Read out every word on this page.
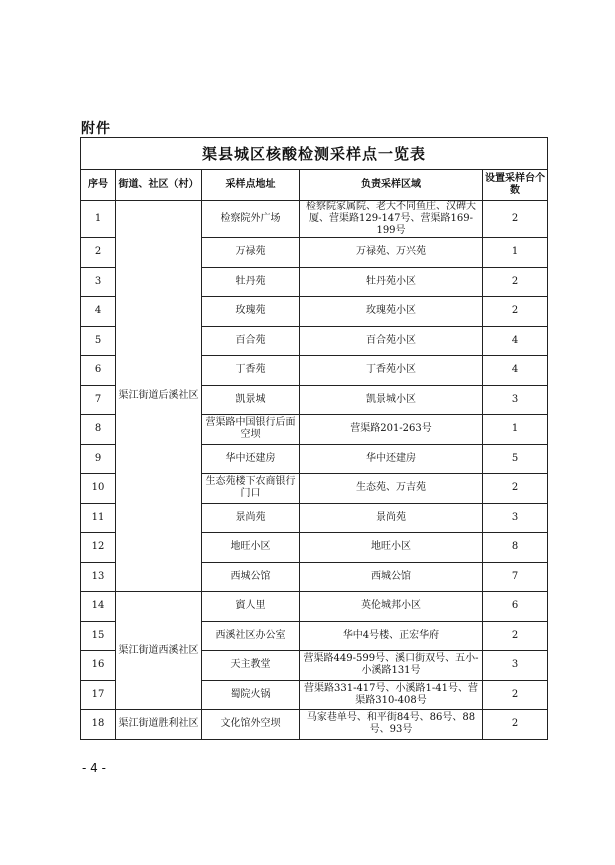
附件
渠县城区核酸检测采样点一览表				
序号	街道、社区（村）	采样点地址	负责采样区域	设置采样台个数
1	渠江街道后溪社区	检察院外广场	检察院家属院、老大不同鱼庄、汉碑大厦、营渠路129-147号、营渠路169-199号	2
2		万禄苑	万禄苑、万兴苑	1
3		牡丹苑	牡丹苑小区	2
4		玫瑰苑	玫瑰苑小区	2
5		百合苑	百合苑小区	4
6		丁香苑	丁香苑小区	4
7		凯景城	凯景城小区	3
8		营渠路中国银行后面空坝	营渠路201-263号	1
9		华中还建房	华中还建房	5
10		生态苑楼下农商银行门口	生态苑、万吉苑	2
11		景尚苑	景尚苑	3
12		地旺小区	地旺小区	8
13		西城公馆	西城公馆	7
14	渠江街道西溪社区	賨人里	英伦城邦小区	6
15		西溪社区办公室	华中4号楼、正宏华府	2
16		天主教堂	营渠路449-599号、溪口街双号、五小-小溪路131号	3
17		蜀院火锅	营渠路331-417号、小溪路1-41号、营渠路310-408号	2
18	渠江街道胜利社区	文化馆外空坝	马家巷单号、和平街84号、86号、88号、93号	2
- 4 -
